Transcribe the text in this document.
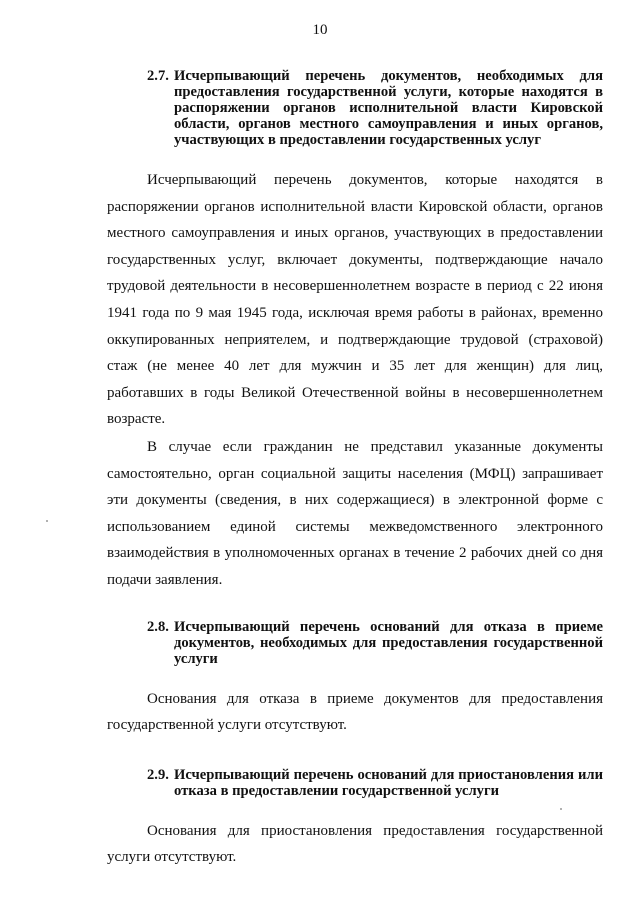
10
2.7. Исчерпывающий перечень документов, необходимых для предоставления государственной услуги, которые находятся в распоряжении органов исполнительной власти Кировской области, органов местного самоуправления и иных органов, участвующих в предоставлении государственных услуг

Исчерпывающий перечень документов, которые находятся в распоряжении органов исполнительной власти Кировской области, органов местного самоуправления и иных органов, участвующих в предоставлении государственных услуг, включает документы, подтверждающие начало трудовой деятельности в несовершеннолетнем возрасте в период с 22 июня 1941 года по 9 мая 1945 года, исключая время работы в районах, временно оккупированных неприятелем, и подтверждающие трудовой (страховой) стаж (не менее 40 лет для мужчин и 35 лет для женщин) для лиц, работавших в годы Великой Отечественной войны в несовершеннолетнем возрасте.

В случае если гражданин не представил указанные документы самостоятельно, орган социальной защиты населения (МФЦ) запрашивает эти документы (сведения, в них содержащиеся) в электронной форме с использованием единой системы межведомственного электронного взаимодействия в уполномоченных органах в течение 2 рабочих дней со дня подачи заявления.

2.8. Исчерпывающий перечень оснований для отказа в приеме документов, необходимых для предоставления государственной услуги

Основания для отказа в приеме документов для предоставления государственной услуги отсутствуют.

2.9. Исчерпывающий перечень оснований для приостановления или отказа в предоставлении государственной услуги

Основания для приостановления предоставления государственной услуги отсутствуют.
